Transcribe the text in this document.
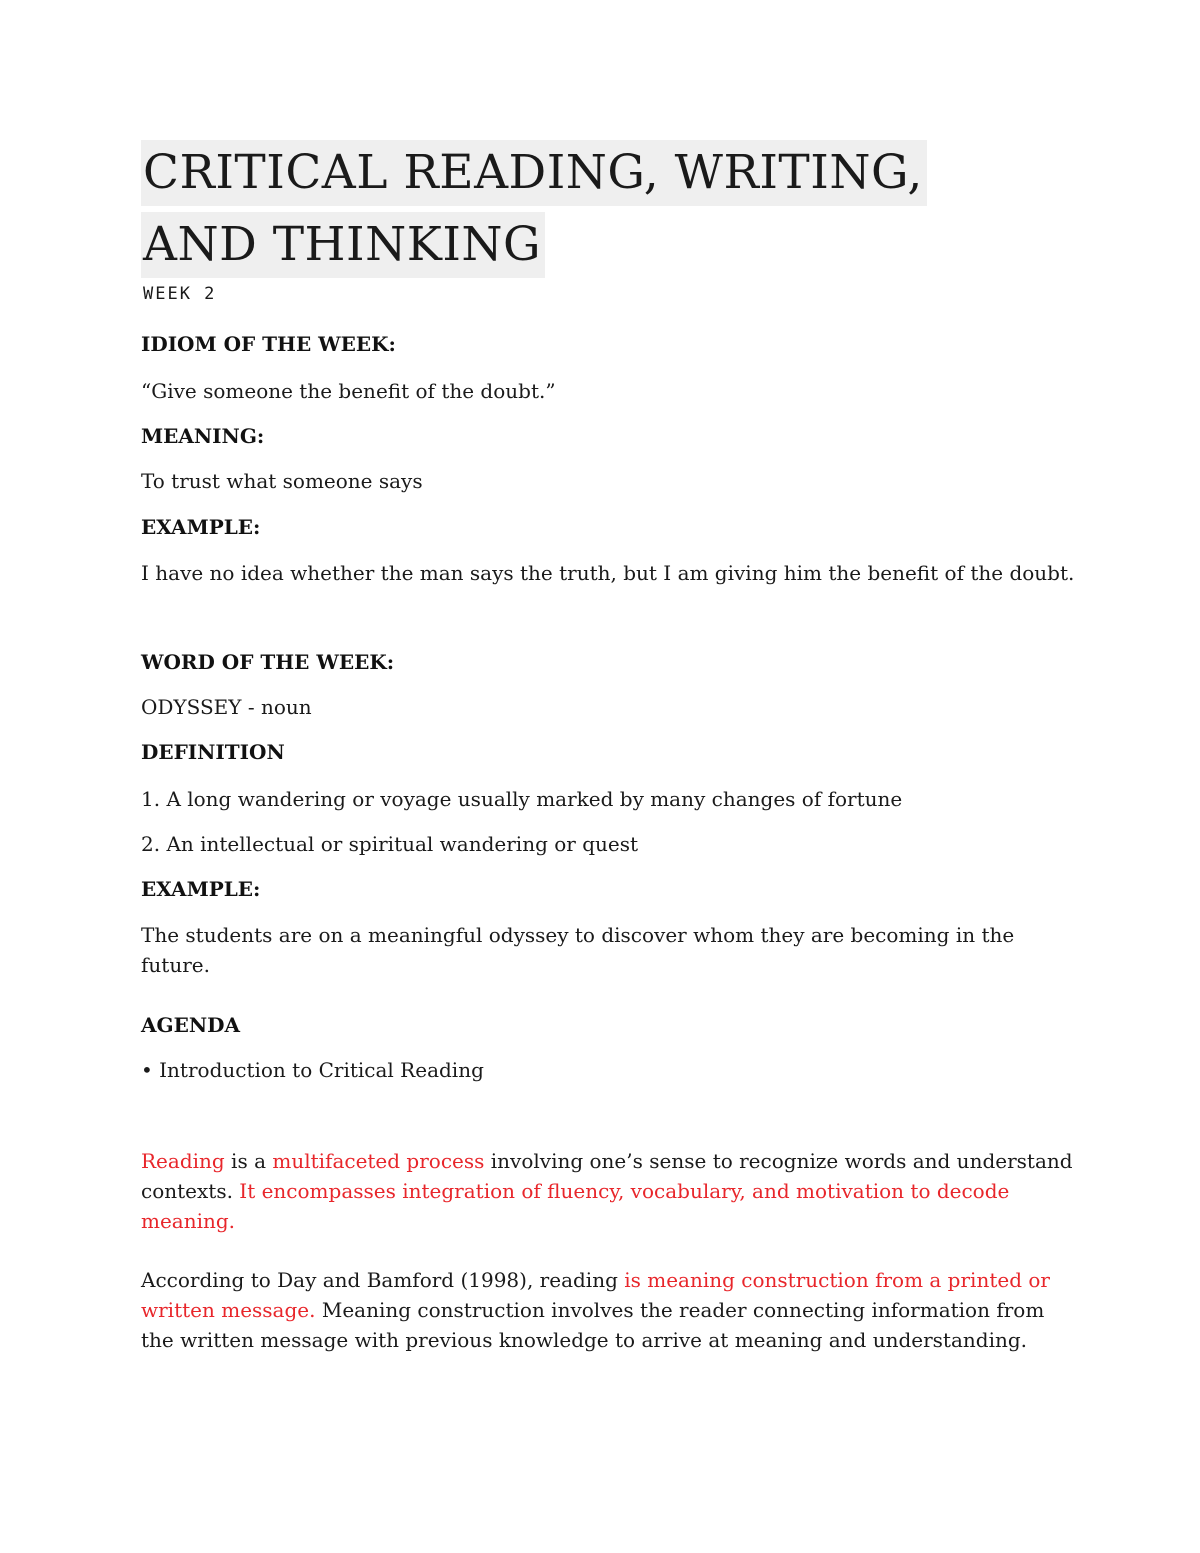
CRITICAL READING, WRITING,
AND THINKING
WEEK 2
IDIOM OF THE WEEK:
“Give someone the benefit of the doubt.”
MEANING:
To trust what someone says
EXAMPLE:
I have no idea whether the man says the truth, but I am giving him the benefit of the doubt.
WORD OF THE WEEK:
ODYSSEY - noun
DEFINITION
1. A long wandering or voyage usually marked by many changes of fortune
2. An intellectual or spiritual wandering or quest
EXAMPLE:
The students are on a meaningful odyssey to discover whom they are becoming in the future.
AGENDA
• Introduction to Critical Reading
Reading is a multifaceted process involving one’s sense to recognize words and understand contexts. It encompasses integration of fluency, vocabulary, and motivation to decode meaning.
According to Day and Bamford (1998), reading is meaning construction from a printed or written message. Meaning construction involves the reader connecting information from the written message with previous knowledge to arrive at meaning and understanding.
